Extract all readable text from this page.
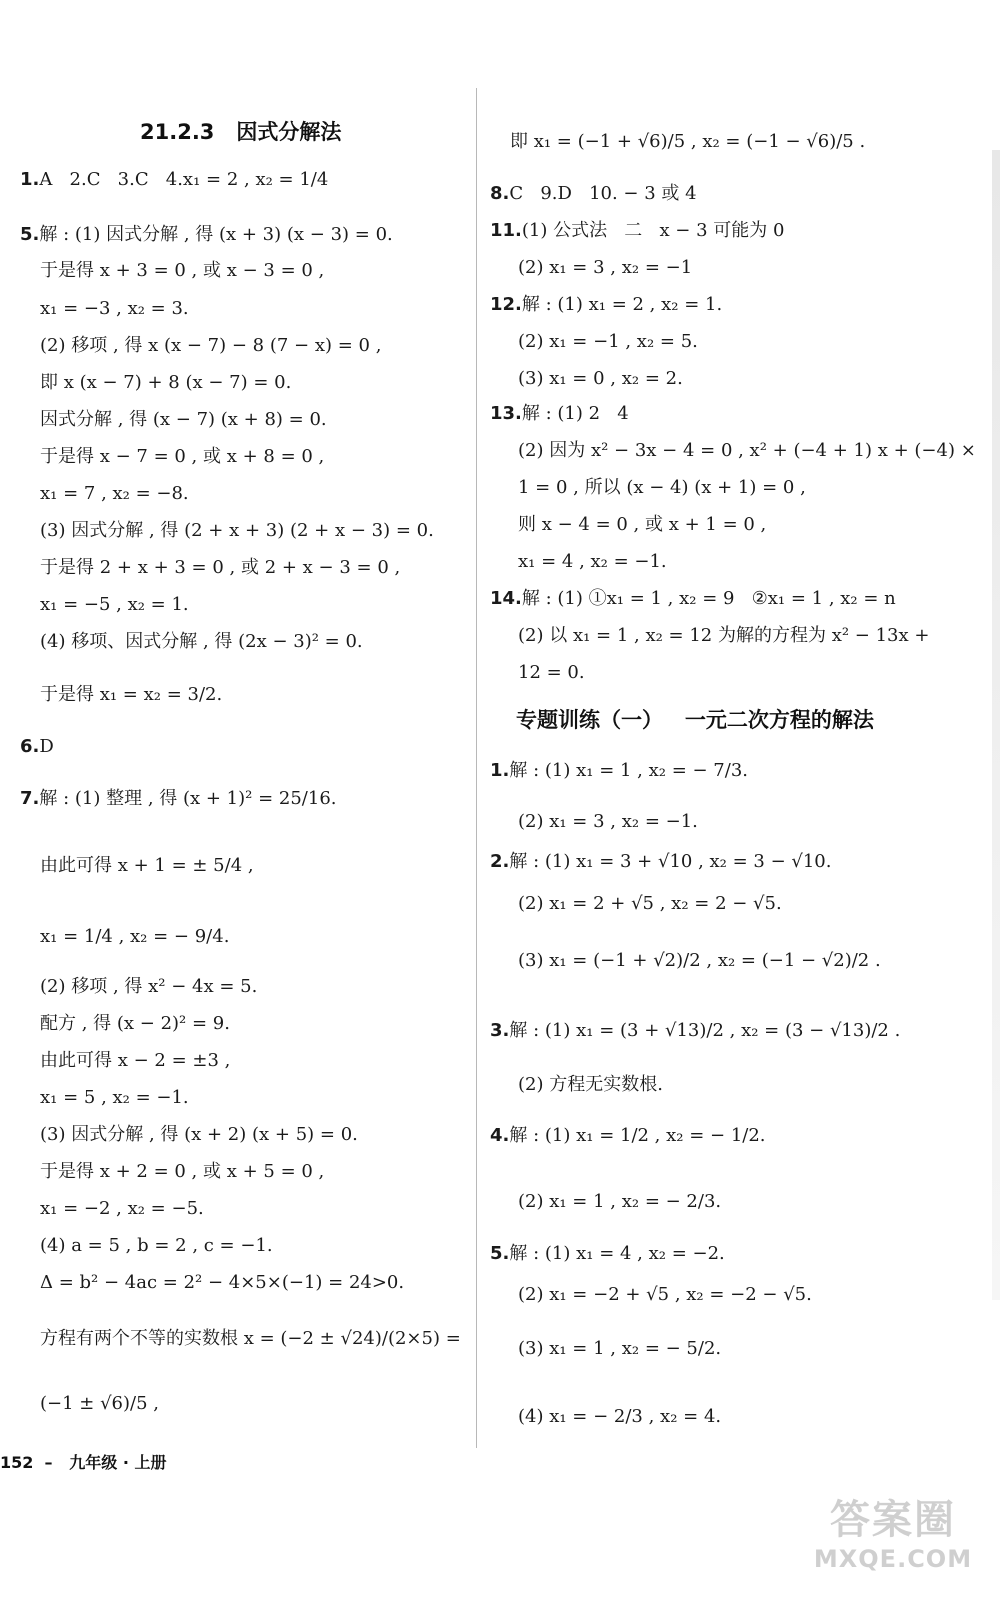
21.2.3   因式分解法
1.A   2.C   3.C   4.x₁ = 2 , x₂ = 1/4
5.解 : (1) 因式分解 , 得 (x + 3) (x − 3) = 0.
于是得 x + 3 = 0 , 或 x − 3 = 0 ,
x₁ = −3 , x₂ = 3.
(2) 移项 , 得 x (x − 7) − 8 (7 − x) = 0 ,
即 x (x − 7) + 8 (x − 7) = 0.
因式分解 , 得 (x − 7) (x + 8) = 0.
于是得 x − 7 = 0 , 或 x + 8 = 0 ,
x₁ = 7 , x₂ = −8.
(3) 因式分解 , 得 (2 + x + 3) (2 + x − 3) = 0.
于是得 2 + x + 3 = 0 , 或 2 + x − 3 = 0 ,
x₁ = −5 , x₂ = 1.
(4) 移项、因式分解 , 得 (2x − 3)² = 0.
于是得 x₁ = x₂ = 3/2.
6.D
7.解 : (1) 整理 , 得 (x + 1)² = 25/16.
由此可得 x + 1 = ± 5/4 ,
x₁ = 1/4 , x₂ = − 9/4.
(2) 移项 , 得 x² − 4x = 5.
配方 , 得 (x − 2)² = 9.
由此可得 x − 2 = ±3 ,
x₁ = 5 , x₂ = −1.
(3) 因式分解 , 得 (x + 2) (x + 5) = 0.
于是得 x + 2 = 0 , 或 x + 5 = 0 ,
x₁ = −2 , x₂ = −5.
(4) a = 5 , b = 2 , c = −1.
Δ = b² − 4ac = 2² − 4×5×(−1) = 24>0.
方程有两个不等的实数根 x = (−2 ± √24)/(2×5) =
(−1 ± √6)/5 ,
专题训练（一）   一元二次方程的解法
即 x₁ = (−1 + √6)/5 , x₂ = (−1 − √6)/5 .
8.C   9.D   10. − 3 或 4
11.(1) 公式法   二   x − 3 可能为 0
(2) x₁ = 3 , x₂ = −1
12.解 : (1) x₁ = 2 , x₂ = 1.
(2) x₁ = −1 , x₂ = 5.
(3) x₁ = 0 , x₂ = 2.
13.解 : (1) 2   4
(2) 因为 x² − 3x − 4 = 0 , x² + (−4 + 1) x + (−4) ×
1 = 0 , 所以 (x − 4) (x + 1) = 0 ,
则 x − 4 = 0 , 或 x + 1 = 0 ,
x₁ = 4 , x₂ = −1.
14.解 : (1) ①x₁ = 1 , x₂ = 9   ②x₁ = 1 , x₂ = n
(2) 以 x₁ = 1 , x₂ = 12 为解的方程为 x² − 13x +
12 = 0.
1.解 : (1) x₁ = 1 , x₂ = − 7/3.
(2) x₁ = 3 , x₂ = −1.
2.解 : (1) x₁ = 3 + √10 , x₂ = 3 − √10.
(2) x₁ = 2 + √5 , x₂ = 2 − √5.
(3) x₁ = (−1 + √2)/2 , x₂ = (−1 − √2)/2 .
3.解 : (1) x₁ = (3 + √13)/2 , x₂ = (3 − √13)/2 .
(2) 方程无实数根.
4.解 : (1) x₁ = 1/2 , x₂ = − 1/2.
(2) x₁ = 1 , x₂ = − 2/3.
5.解 : (1) x₁ = 4 , x₂ = −2.
(2) x₁ = −2 + √5 , x₂ = −2 − √5.
(3) x₁ = 1 , x₂ = − 5/2.
(4) x₁ = − 2/3 , x₂ = 4.
152  –   九年级 · 上册
答案圈
MXQE.COM
